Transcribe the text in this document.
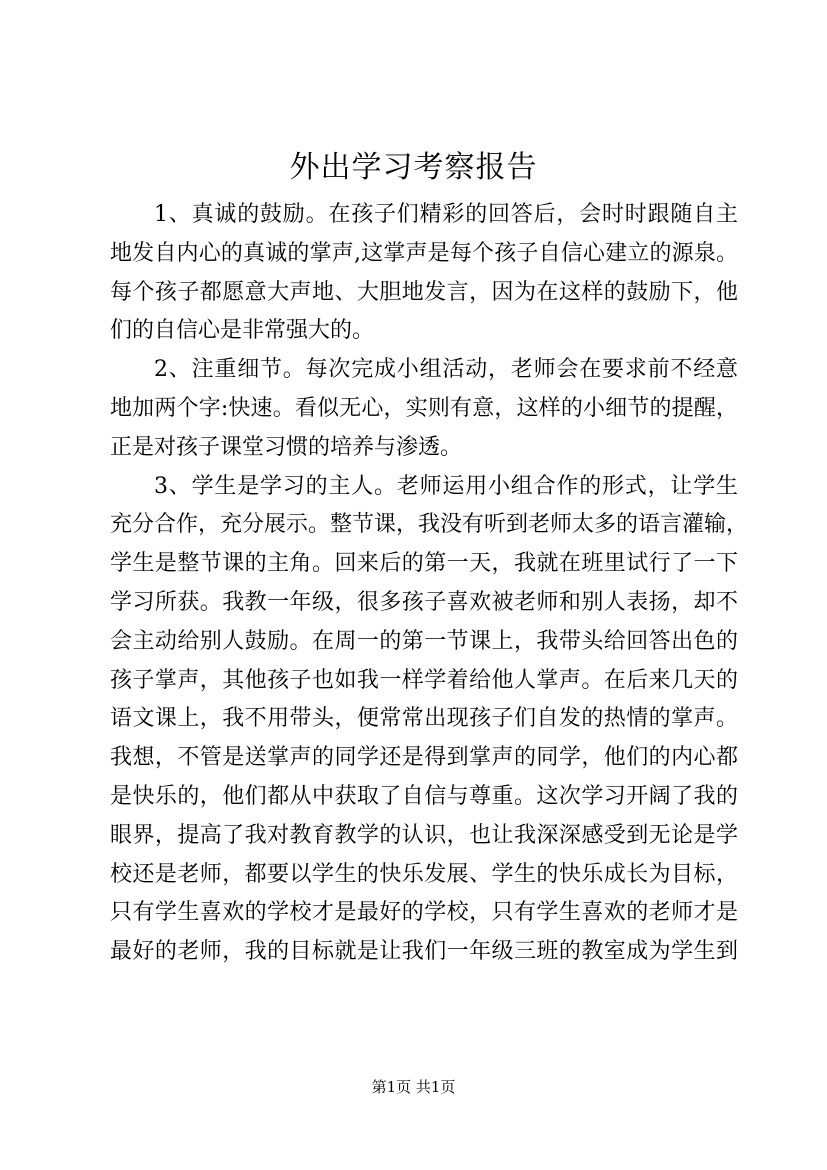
外出学习考察报告
1、真诚的鼓励。在孩子们精彩的回答后，会时时跟随自主
地发自内心的真诚的掌声,这掌声是每个孩子自信心建立的源泉。
每个孩子都愿意大声地、大胆地发言，因为在这样的鼓励下，他
们的自信心是非常强大的。
2、注重细节。每次完成小组活动，老师会在要求前不经意
地加两个字:快速。看似无心，实则有意，这样的小细节的提醒，
正是对孩子课堂习惯的培养与渗透。
3、学生是学习的主人。老师运用小组合作的形式，让学生
充分合作，充分展示。整节课，我没有听到老师太多的语言灌输，
学生是整节课的主角。回来后的第一天，我就在班里试行了一下
学习所获。我教一年级，很多孩子喜欢被老师和别人表扬，却不
会主动给别人鼓励。在周一的第一节课上，我带头给回答出色的
孩子掌声，其他孩子也如我一样学着给他人掌声。在后来几天的
语文课上，我不用带头，便常常出现孩子们自发的热情的掌声。
我想，不管是送掌声的同学还是得到掌声的同学，他们的内心都
是快乐的，他们都从中获取了自信与尊重。这次学习开阔了我的
眼界，提高了我对教育教学的认识，也让我深深感受到无论是学
校还是老师，都要以学生的快乐发展、学生的快乐成长为目标，
只有学生喜欢的学校才是最好的学校，只有学生喜欢的老师才是
最好的老师，我的目标就是让我们一年级三班的教室成为学生到
第1页 共1页
